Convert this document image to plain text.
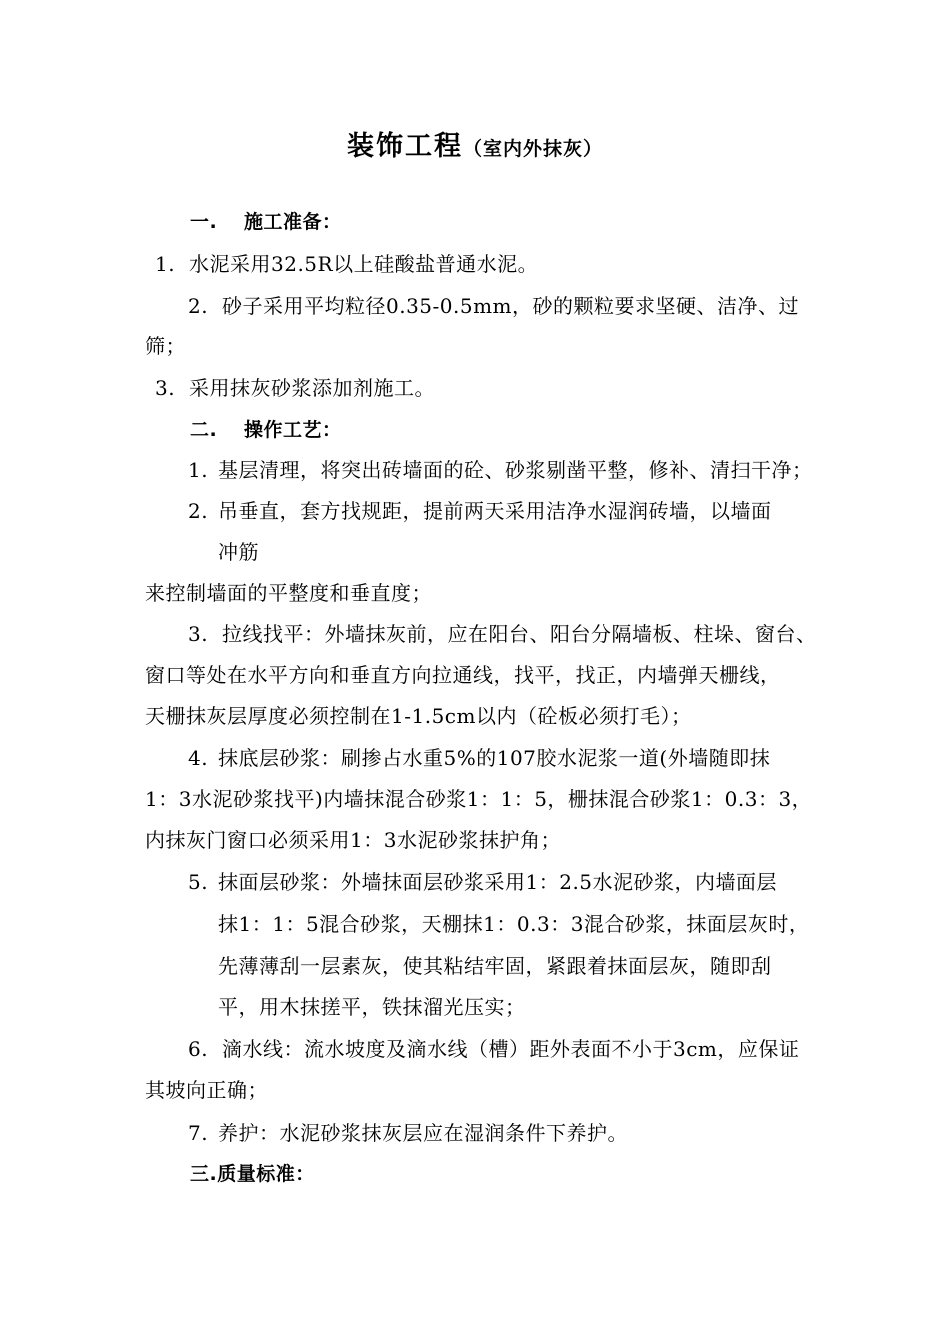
装饰工程（室内外抹灰）
一. 施工准备：
1. 水泥采用32.5R以上硅酸盐普通水泥。
2. 砂子采用平均粒径0.35-0.5mm，砂的颗粒要求坚硬、洁净、过
筛；
3. 采用抹灰砂浆添加剂施工。
二. 操作工艺：
1. 基层清理，将突出砖墙面的砼、砂浆剔凿平整，修补、清扫干净；
2. 吊垂直，套方找规距，提前两天采用洁净水湿润砖墙，以墙面
冲筋
来控制墙面的平整度和垂直度；
3. 拉线找平：外墙抹灰前，应在阳台、阳台分隔墙板、柱垛、窗台、
窗口等处在水平方向和垂直方向拉通线，找平，找正，内墙弹天栅线，
天栅抹灰层厚度必须控制在1-1.5cm以内（砼板必须打毛）；
4. 抹底层砂浆：刷掺占水重5%的107胶水泥浆一道(外墙随即抹
1：3水泥砂浆找平)内墙抹混合砂浆1：1：5，栅抹混合砂浆1：0.3：3，
内抹灰门窗口必须采用1：3水泥砂浆抹护角；
5. 抹面层砂浆：外墙抹面层砂浆采用1：2.5水泥砂浆，内墙面层
抹1：1：5混合砂浆，天棚抹1：0.3：3混合砂浆，抹面层灰时，
先薄薄刮一层素灰，使其粘结牢固，紧跟着抹面层灰，随即刮
平，用木抹搓平，铁抹溜光压实；
6. 滴水线：流水坡度及滴水线（槽）距外表面不小于3cm，应保证
其坡向正确；
7. 养护：水泥砂浆抹灰层应在湿润条件下养护。
三.质量标准：
